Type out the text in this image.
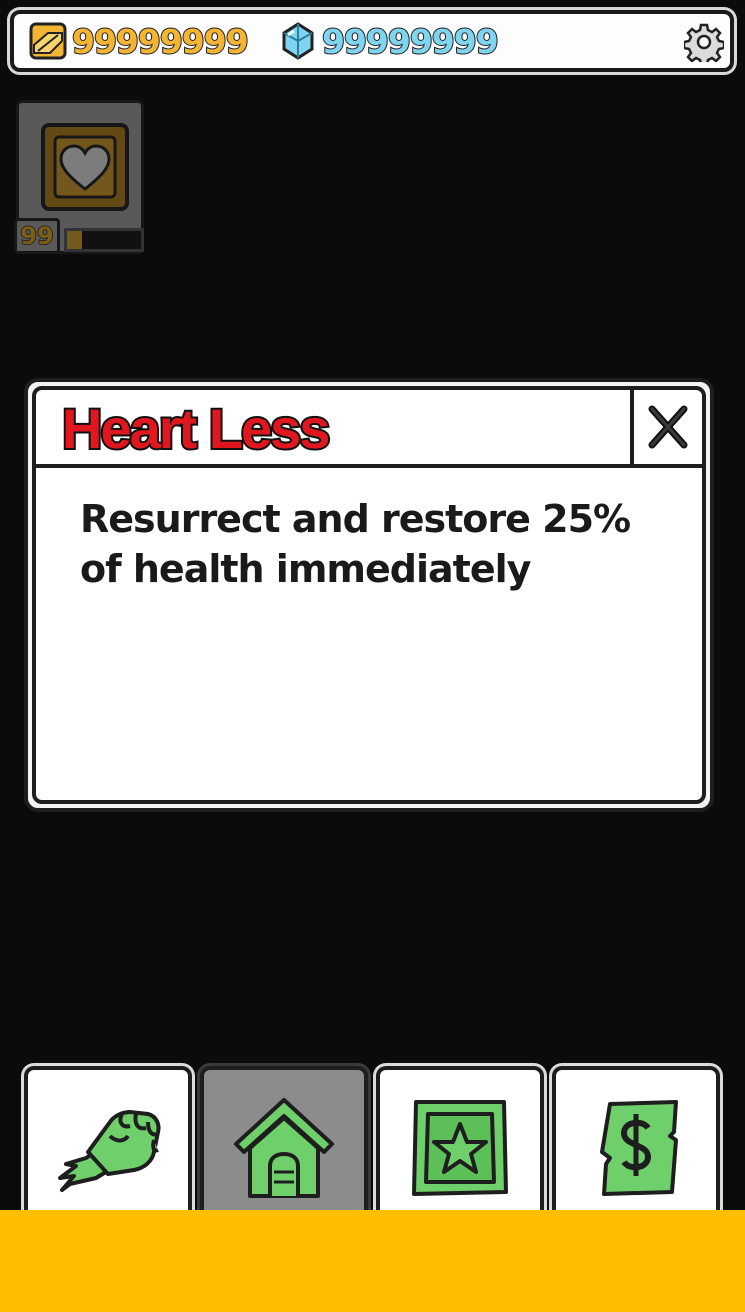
99999999 99999999
99
Heart Less
Resurrect and restore 25% of health immediately
